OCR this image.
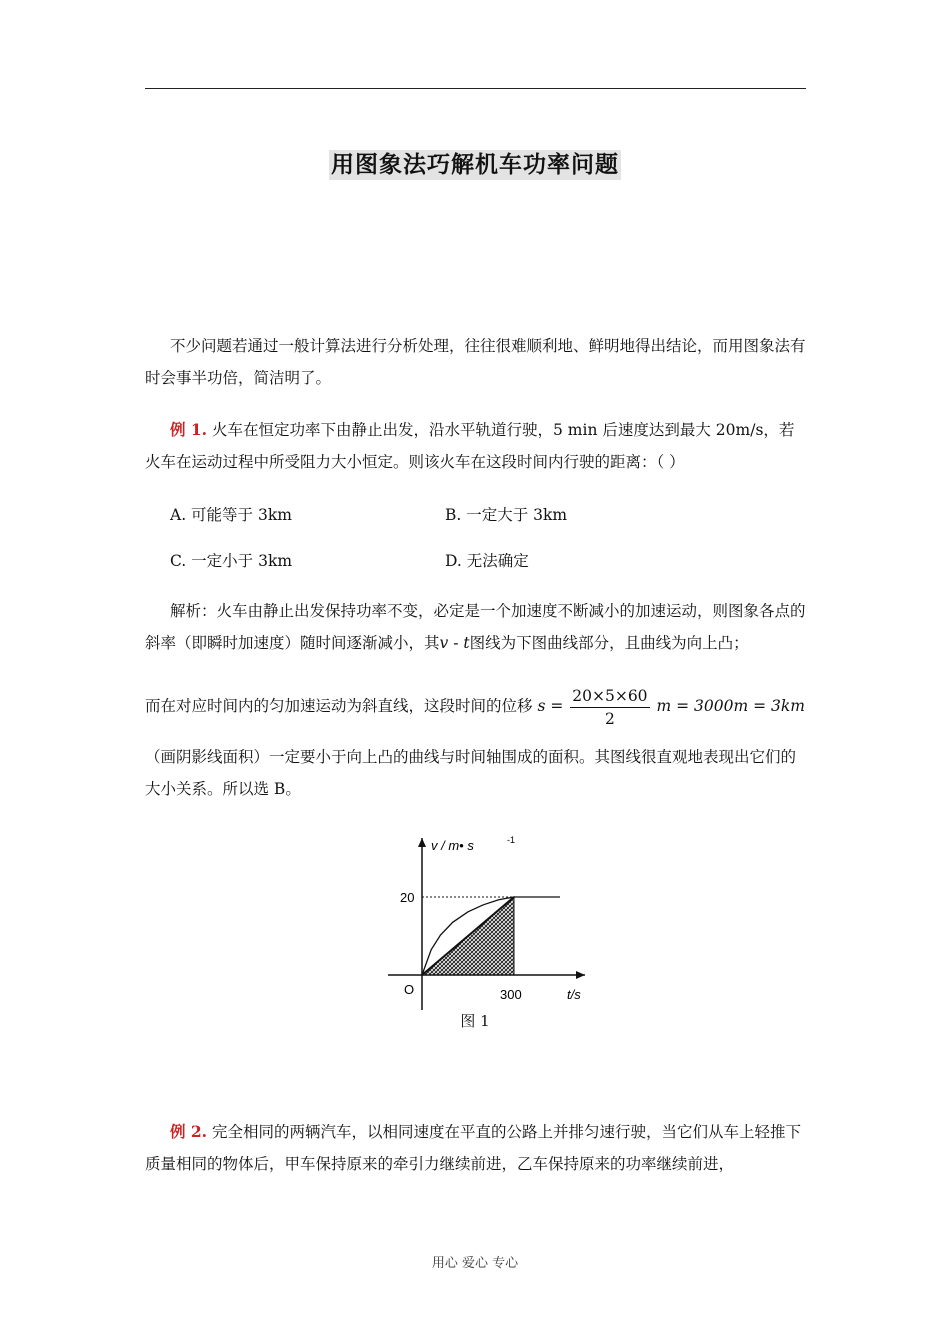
用图象法巧解机车功率问题
不少问题若通过一般计算法进行分析处理，往往很难顺利地、鲜明地得出结论，而用图象法有时会事半功倍，简洁明了。
例 1. 火车在恒定功率下由静止出发，沿水平轨道行驶，5 min 后速度达到最大 20m/s，若火车在运动过程中所受阻力大小恒定。则该火车在这段时间内行驶的距离：（ ）
A. 可能等于 3km	B. 一定大于 3km
C. 一定小于 3km	D. 无法确定
解析：火车由静止出发保持功率不变，必定是一个加速度不断减小的加速运动，则图象各点的斜率（即瞬时加速度）随时间逐渐减小，其v - t图线为下图曲线部分，且曲线为向上凸；
而在对应时间内的匀加速运动为斜直线，这段时间的位移 $s = \frac{20\times 5\times 60}{2}$ m = 3000m = 3km
（画阴影线面积）一定要小于向上凸的曲线与时间轴围成的面积。其图线很直观地表现出它们的大小关系。所以选 B。
20
300
O	t/s
v / m• s	-1
图 1
例 2. 完全相同的两辆汽车，以相同速度在平直的公路上并排匀速行驶，当它们从车上轻推下质量相同的物体后，甲车保持原来的牵引力继续前进，乙车保持原来的功率继续前进，
用心 爱心 专心
